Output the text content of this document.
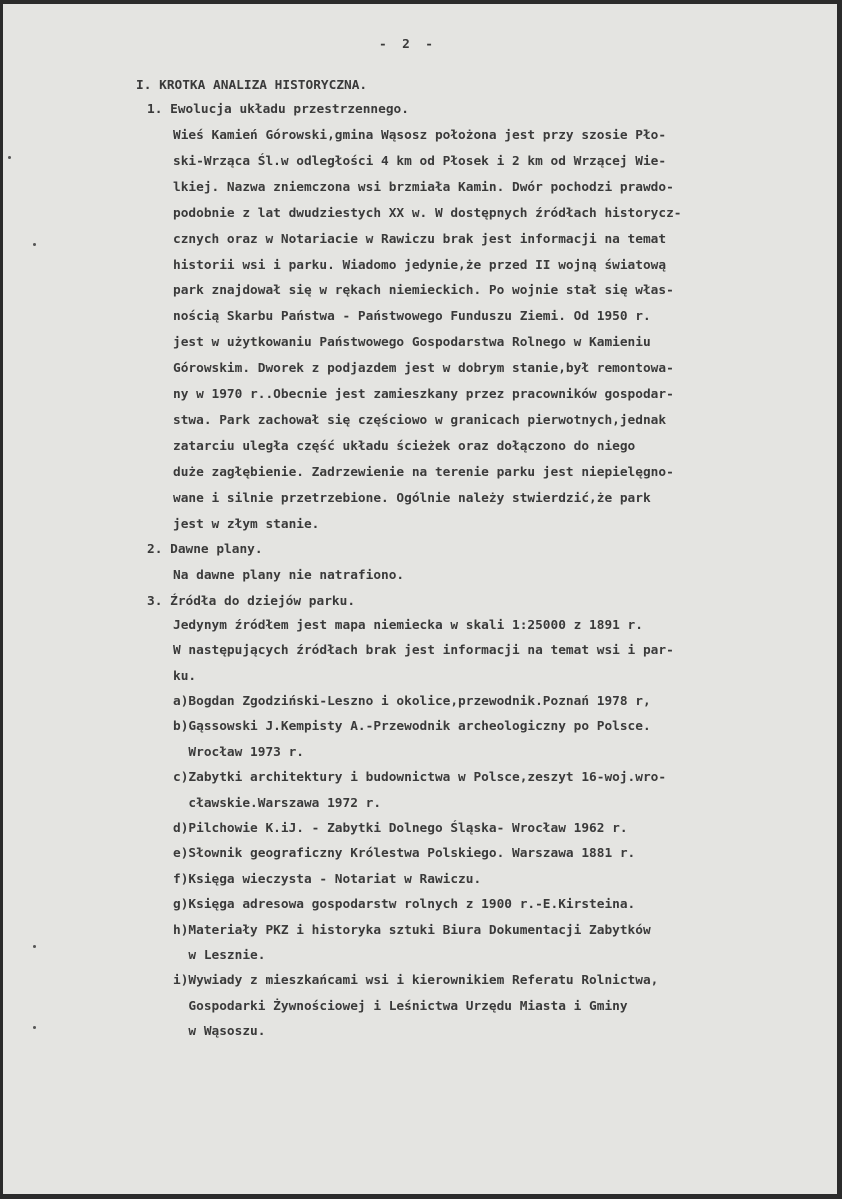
-  2  -
I. KROTKA ANALIZA HISTORYCZNA.
1. Ewolucja układu przestrzennego.
Wieś Kamień Górowski,gmina Wąsosz położona jest przy szosie Pło-
ski-Wrząca Śl.w odległości 4 km od Płosek i 2 km od Wrzącej Wie-
lkiej. Nazwa zniemczona wsi brzmiała Kamin. Dwór pochodzi prawdo-
podobnie z lat dwudziestych XX w. W dostępnych źródłach historycz-
cznych oraz w Notariacie w Rawiczu brak jest informacji na temat
historii wsi i parku. Wiadomo jedynie,że przed II wojną światową
park znajdował się w rękach niemieckich. Po wojnie stał się włas-
nością Skarbu Państwa - Państwowego Funduszu Ziemi. Od 1950 r.
jest w użytkowaniu Państwowego Gospodarstwa Rolnego w Kamieniu
Górowskim. Dworek z podjazdem jest w dobrym stanie,był remontowa-
ny w 1970 r..Obecnie jest zamieszkany przez pracowników gospodar-
stwa. Park zachował się częściowo w granicach pierwotnych,jednak
zatarciu uległa część układu ścieżek oraz dołączono do niego
duże zagłębienie. Zadrzewienie na terenie parku jest niepielęgno-
wane i silnie przetrzebione. Ogólnie należy stwierdzić,że park
jest w złym stanie.
2. Dawne plany.
Na dawne plany nie natrafiono.
3. Źródła do dziejów parku.
Jedynym źródłem jest mapa niemiecka w skali 1:25000 z 1891 r.
W następujących źródłach brak jest informacji na temat wsi i par-
ku.
a)Bogdan Zgodziński-Leszno i okolice,przewodnik.Poznań 1978 r,
b)Gąssowski J.Kempisty A.-Przewodnik archeologiczny po Polsce.
Wrocław 1973 r.
c)Zabytki architektury i budownictwa w Polsce,zeszyt 16-woj.wro-
cławskie.Warszawa 1972 r.
d)Pilchowie K.iJ. - Zabytki Dolnego Śląska- Wrocław 1962 r.
e)Słownik geograficzny Królestwa Polskiego. Warszawa 1881 r.
f)Księga wieczysta - Notariat w Rawiczu.
g)Księga adresowa gospodarstw rolnych z 1900 r.-E.Kirsteina.
h)Materiały PKZ i historyka sztuki Biura Dokumentacji Zabytków
w Lesznie.
i)Wywiady z mieszkańcami wsi i kierownikiem Referatu Rolnictwa,
Gospodarki Żywnościowej i Leśnictwa Urzędu Miasta i Gminy
w Wąsoszu.
